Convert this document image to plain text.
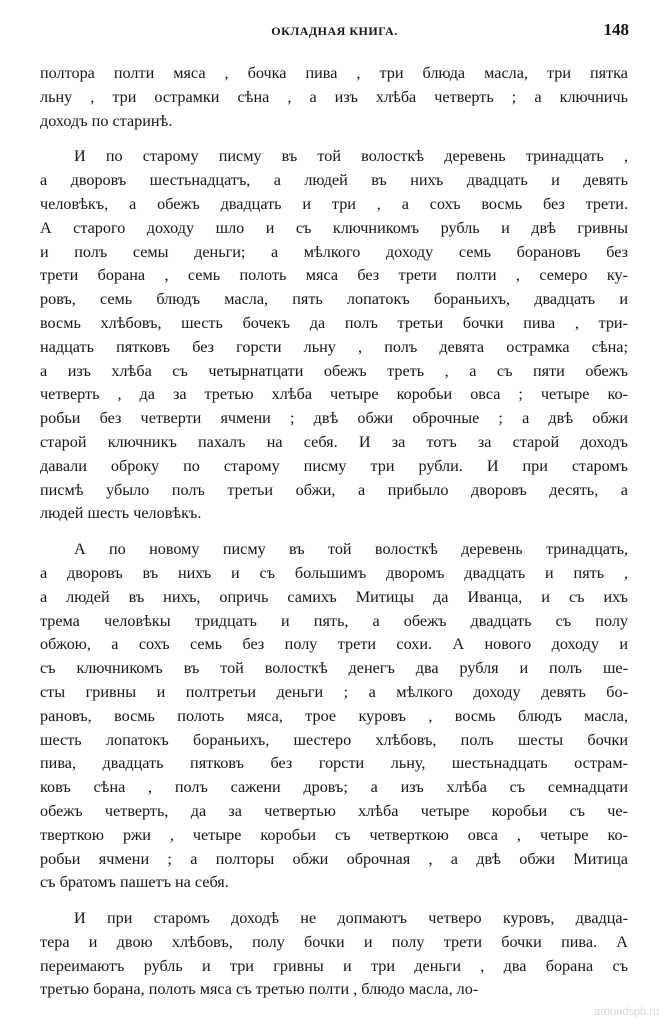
ОКЛАДНАЯ КНИГА.	148
полтора полти мяса , бочка пива , три блюда масла, три пятка
льну , три острамки сѣна , а изъ хлѣба четверть ; а ключничь
доходъ по старинѣ.
И по старому писму въ той волосткѣ деревень тринадцать ,
а дворовъ шестьнадцатъ, а людей въ нихъ двадцать и девять
человѣкъ, а обежъ двадцать и три , а сохъ восмь без трети.
А старого доходу шло и съ ключникомъ рубль и двѣ гривны
и полъ семы деньги; а мѣлкого доходу семь борановъ без
трети борана , семь полоть мяса без трети полти , семеро ку-
ровъ, семь блюдъ масла, пять лопатокъ бораньихъ, двадцать и
восмь хлѣбовъ, шесть бочекъ да полъ третьи бочки пива , три-
надцать пятковъ без горсти льну , полъ девята острамка сѣна;
а изъ хлѣба съ четырнатцати обежъ треть , а съ пяти обежъ
четверть , да за третью хлѣба четыре коробьи овса ; четыре ко-
робьи без четверти ячмени ; двѣ обжи оброчные ; а двѣ обжи
старой ключникъ пахалъ на себя. И за тотъ за старой доходъ
давали оброку по старому писму три рубли. И при старомъ
писмѣ убыло полъ третьи обжи, а прибыло дворовъ десять, а
людей шесть человѣкъ.
А по новому писму въ той волосткѣ деревень тринадцать,
а дворовъ въ нихъ и съ большимъ дворомъ двадцать и пять ,
а людей въ нихъ, опричь самихъ Митицы да Иванца, и съ ихъ
трема человѣкы тридцать и пять, а обежъ двадцать съ полу
обжою, а сохъ семь без полу трети сохи. А нового доходу и
съ ключникомъ въ той волосткѣ денегъ два рубля и полъ ше-
сты гривны и полтретьи деньги ; а мѣлкого доходу девять бо-
рановъ, восмь полоть мяса, трое куровъ , восмь блюдъ масла,
шесть лопатокъ бораньихъ, шестеро хлѣбовъ, полъ шесты бочки
пива, двадцать пятковъ без горсти льну, шестьнадцать острам-
ковъ сѣна , полъ сажени дровъ; а изъ хлѣба съ семнадцати
обежъ четверть, да за четвертью хлѣба четыре коробьи съ че-
тверткою ржи , четыре коробьи съ четверткою овса , четыре ко-
робьи ячмени ; а полторы обжи оброчная , а двѣ обжи Митица
съ братомъ пашетъ на себя.
И при старомъ доходѣ не допмаютъ четверо куровъ, двадца-
тера и двою хлѣбовъ, полу бочки и полу трети бочки пива. А
переимаютъ рубль и три гривны и три деньги , два борана съ
третью борана, полоть мяса съ третью полти , блюдо масла, ло-
aroundspb.ru
